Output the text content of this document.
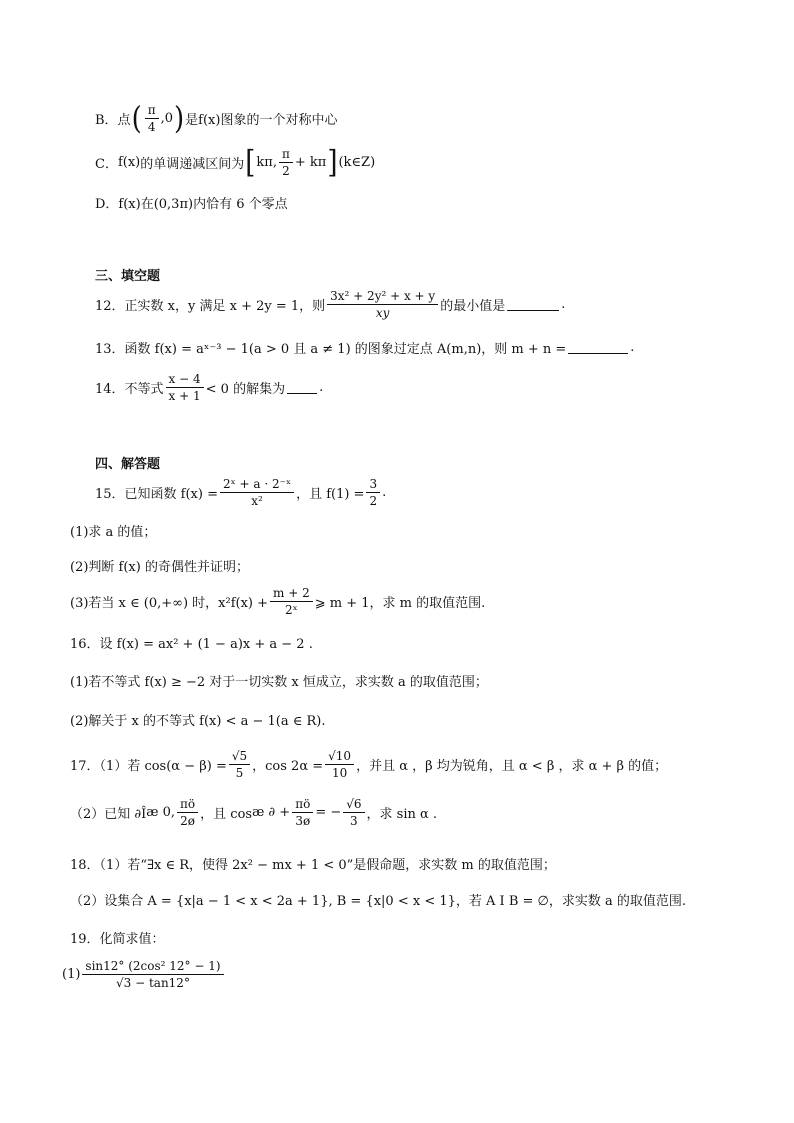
B．点 ( $\frac{\pi}{4} ,0$ ) 是f(x)图象的一个对称中心
C． f(x) 的单调递减区间为 [ kπ, $\frac{\pi}{2} + k\pi$ ] (k∈Z)
D．f(x)在(0,3π)内恰有 6 个零点
三、填空题
12．正实数 x，y 满足 x + 2y = 1，则 $\frac{\text{3x² + 2y² + x + y}}{xy}$ 的最小值是	.
13．函数 f(x) = aˣ⁻³ − 1(a > 0 且 a ≠ 1) 的图象过定点 A(m,n)，则 m + n =	.
14．不等式 $\frac{x - 4}{x + 1} < 0$ 的解集为	.
四、解答题
15．已知函数 $f(x) = \frac{\text{2ˣ + a · 2⁻ˣ}}{\text{x²}}$ ，且 $f(1) = \frac{3}{2}$ .
(1)求 a 的值；
(2)判断 f(x) 的奇偶性并证明；
(3)若当 x ∈ (0,+∞) 时，$x^2f(x) + \frac{m + 2}{\text{2ˣ}}$ ⩾ m + 1，求 m 的取值范围.
16．设 f(x) = ax² + (1 − a)x + a − 2 .
(1)若不等式 f(x) ≥ −2 对于一切实数 x 恒成立，求实数 a 的取值范围；
(2)解关于 x 的不等式 f(x) < a − 1(a ∈ R).
17．（1）若 $\cos(\alpha - \beta) = \frac{√5}{5}$ ，$\cos 2\alpha = \frac{√10}{10}$ ，并且 α ，β 均为锐角，且 α < β ，求 α + β 的值；
（2）已知 ∂Î æ 0, $\frac{\pi ö}{2ø}$ ，且 cos æ ∂ + $\frac{\pi ö}{3ø}$ = − $\frac{√6}{3}$ ，求 sin α .
18．（1）若“∃x ∈ R，使得 2x² − mx + 1 < 0”是假命题，求实数 m 的取值范围；
（2）设集合 A = {x|a − 1 < x < 2a + 1}, B = {x|0 < x < 1}，若 A I B = ∅，求实数 a 的取值范围.
19．化简求值：
$(1) \frac{\text{sin12° (2cos² 12° − 1)}}{√3 - \tan 12^\circ}$
